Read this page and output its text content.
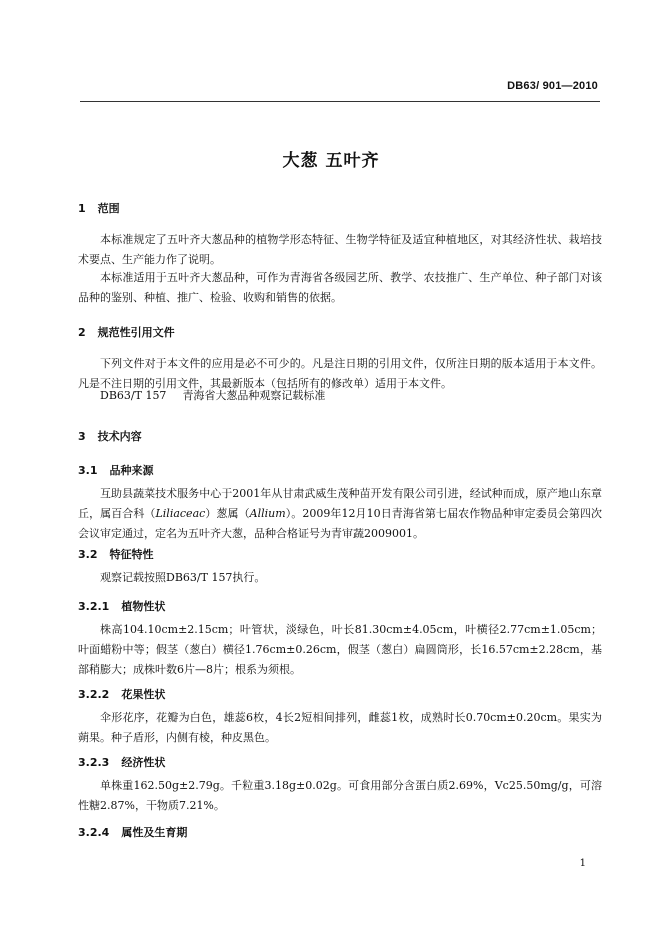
DB63/ 901—2010
大葱 五叶齐
1 范围
本标准规定了五叶齐大葱品种的植物学形态特征、生物学特征及适宜种植地区，对其经济性状、栽培技术要点、生产能力作了说明。
本标准适用于五叶齐大葱品种，可作为青海省各级园艺所、教学、农技推广、生产单位、种子部门对该品种的鉴别、种植、推广、检验、收购和销售的依据。
2 规范性引用文件
下列文件对于本文件的应用是必不可少的。凡是注日期的引用文件，仅所注日期的版本适用于本文件。凡是不注日期的引用文件，其最新版本（包括所有的修改单）适用于本文件。
DB63/T 157 青海省大葱品种观察记载标准
3 技术内容
3.1 品种来源
互助县蔬菜技术服务中心于2001年从甘肃武威生茂种苗开发有限公司引进，经试种而成，原产地山东章丘，属百合科（Liliaceac）葱属（Allium）。2009年12月10日青海省第七届农作物品种审定委员会第四次会议审定通过，定名为五叶齐大葱，品种合格证号为青审蔬2009001。
3.2 特征特性
观察记载按照DB63/T 157执行。
3.2.1 植物性状
株高104.10cm±2.15cm；叶管状，淡绿色，叶长81.30cm±4.05cm，叶横径2.77cm±1.05cm；叶面蜡粉中等；假茎（葱白）横径1.76cm±0.26cm，假茎（葱白）扁圆筒形，长16.57cm±2.28cm，基部稍膨大；成株叶数6片—8片；根系为须根。
3.2.2 花果性状
伞形花序，花瓣为白色，雄蕊6枚，4长2短相间排列，雌蕊1枚，成熟时长0.70cm±0.20cm。果实为蒴果。种子盾形，内侧有棱，种皮黑色。
3.2.3 经济性状
单株重162.50g±2.79g。千粒重3.18g±0.02g。可食用部分含蛋白质2.69%，Vc25.50mg/g，可溶性糖2.87%，干物质7.21%。
3.2.4 属性及生育期
1
